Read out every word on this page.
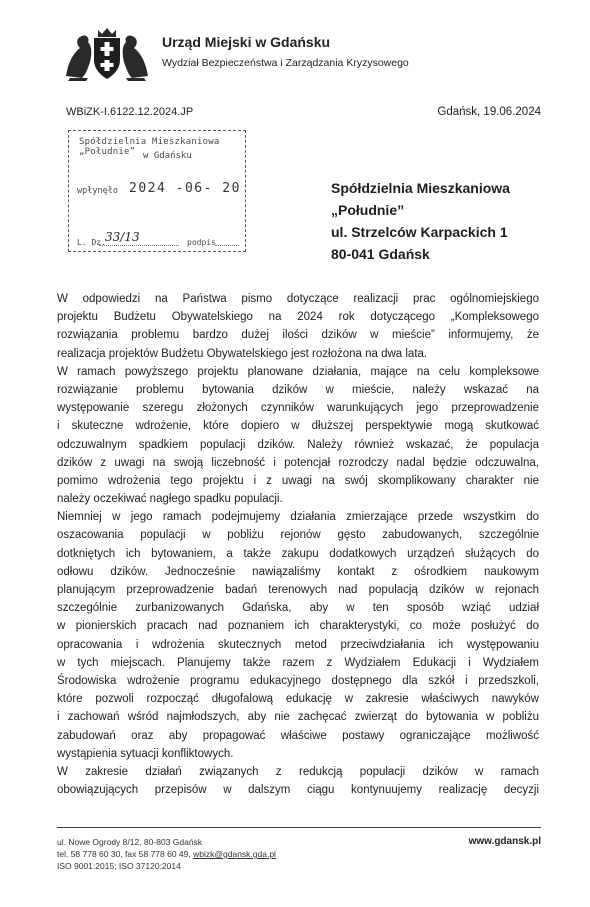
Urząd Miejski w Gdańsku
Wydział Bezpieczeństwa i Zarządzania Kryzysowego
WBiZK-I.6122.12.2024.JP	Gdańsk, 19.06.2024
Spółdzielnia Mieszkaniowa „Południe” w Gdańsku
wpłynęło 2024 -06- 20
L. Dz. 33/13	podpis
Spółdzielnia Mieszkaniowa
„Południe”
ul. Strzelców Karpackich 1
80-041 Gdańsk
W odpowiedzi na Państwa pismo dotyczące realizacji prac ogólnomiejskiego
projektu Budżetu Obywatelskiego na 2024 rok dotyczącego „Kompleksowego
rozwiązania problemu bardzo dużej ilości dzików w mieście” informujemy, że
realizacja projektów Budżetu Obywatelskiego jest rozłożona na dwa lata.
W ramach powyższego projektu planowane działania, mające na celu kompleksowe
rozwiązanie problemu bytowania dzików w mieście, należy wskazać na
występowanie szeregu złożonych czynników warunkujących jego przeprowadzenie
i skuteczne wdrożenie, które dopiero w dłuższej perspektywie mogą skutkować
odczuwalnym spadkiem populacji dzików. Należy również wskazać, że populacja
dzików z uwagi na swoją liczebność i potencjał rozrodczy nadal będzie odczuwalna,
pomimo wdrożenia tego projektu i z uwagi na swój skomplikowany charakter nie
należy oczekiwać nagłego spadku populacji.
Niemniej w jego ramach podejmujemy działania zmierzające przede wszystkim do
oszacowania populacji w pobliżu rejonów gęsto zabudowanych, szczególnie
dotkniętych ich bytowaniem, a także zakupu dodatkowych urządzeń służących do
odłowu dzików. Jednocześnie nawiązaliśmy kontakt z ośrodkiem naukowym
planującym przeprowadzenie badań terenowych nad populacją dzików w rejonach
szczególnie zurbanizowanych Gdańska, aby w ten sposób wziąć udział
w pionierskich pracach nad poznaniem ich charakterystyki, co może posłużyć do
opracowania i wdrożenia skutecznych metod przeciwdziałania ich występowaniu
w tych miejscach. Planujemy także razem z Wydziałem Edukacji i Wydziałem
Środowiska wdrożenie programu edukacyjnego dostępnego dla szkół i przedszkoli,
które pozwoli rozpocząć długofalową edukację w zakresie właściwych nawyków
i zachowań wśród najmłodszych, aby nie zachęcać zwierząt do bytowania w pobliżu
zabudowań oraz aby propagować właściwe postawy ograniczające możliwość
wystąpienia sytuacji konfliktowych.
W zakresie działań związanych z redukcją populacji dzików w ramach
obowiązujących przepisów w dalszym ciągu kontynuujemy realizację decyzji
ul. Nowe Ogrody 8/12, 80-803 Gdańsk
tel. 58 778 60 30, fax 58 778 60 49, wbizk@gdansk.gda.pl
ISO 9001:2015; ISO 37120:2014
www.gdansk.pl
